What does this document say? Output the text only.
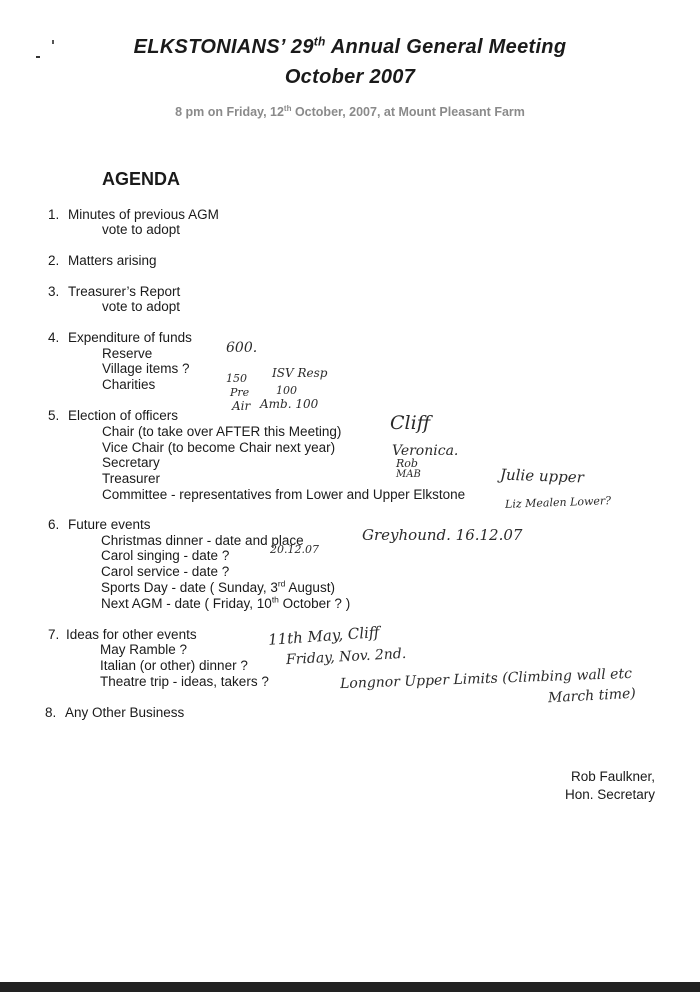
ELKSTONIANS’ 29th Annual General Meeting
October 2007
8 pm on Friday, 12th October, 2007, at Mount Pleasant Farm
AGENDA
1. Minutes of previous AGM
vote to adopt
2. Matters arising
3. Treasurer’s Report
vote to adopt
4. Expenditure of funds
Reserve
Village items ?
Charities
5. Election of officers
Chair (to take over AFTER this Meeting)
Vice Chair (to become Chair next year)
Secretary
Treasurer
Committee - representatives from Lower and Upper Elkstone
6. Future events
Christmas dinner - date and place
Carol singing - date ?
Carol service - date ?
Sports Day - date ( Sunday, 3rd August)
Next AGM - date ( Friday, 10th October ? )
7. Ideas for other events
May Ramble ?
Italian (or other) dinner ?
Theatre trip - ideas, takers ?
8. Any Other Business
600.
150 ISV Resp
Pre 100
Air Amb. 100
Cliff
Veronica.
Rob
MAB	Julie upper
Liz Mealen Lower?
Greyhound. 16.12.07
20.12.07
11th May, Cliff
Friday, Nov. 2nd.
Longnor Upper Limits (Climbing wall etc
March time)
Rob Faulkner,
Hon. Secretary
